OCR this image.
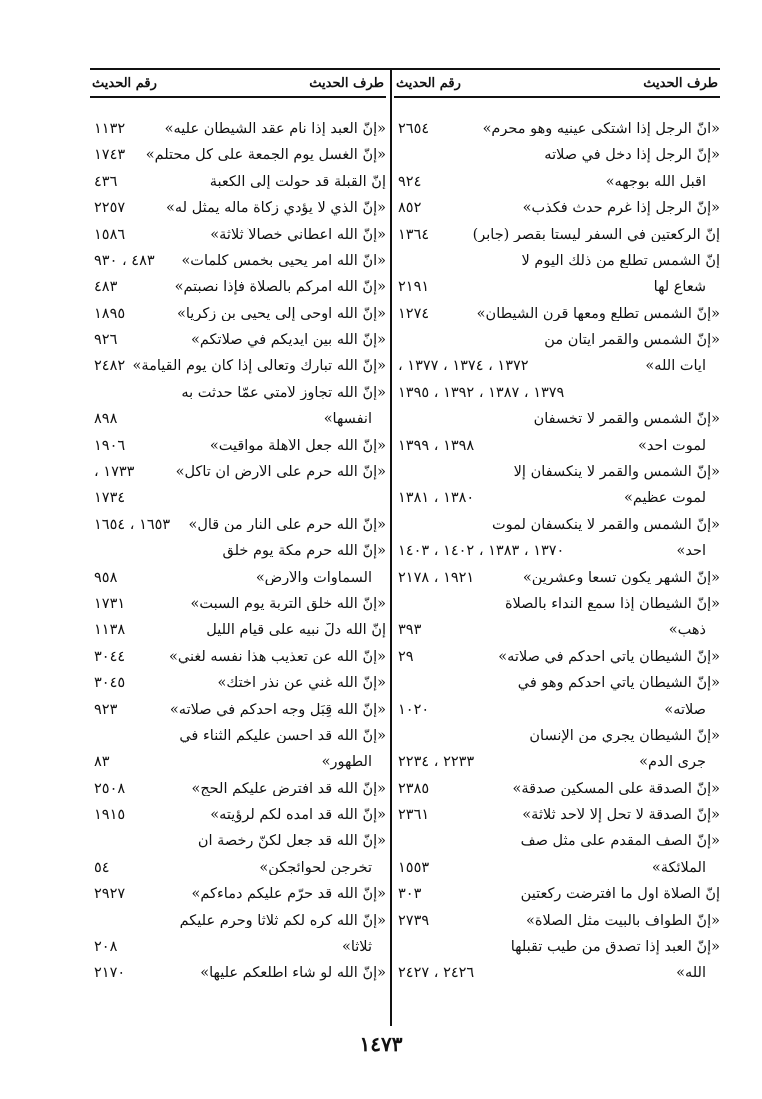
طرف الحديث
رقم الحديث
«أنّ الرجل إذا اشتكى عينيه وهو محرم»
٢٦٥٤
«إنّ الرجل إذا دخل في صلاته
أقبل الله بوجهه»
٩٢٤
«إنّ الرجل إذا غرم حدث فكذب»
٨٥٢
إنّ الركعتين في السفر ليستا بقصر (جابر)
١٣٦٤
إنّ الشمس تطلع من ذلك اليوم لا
شعاع لها
٢١٩١
«إنّ الشمس تطلع ومعها قرن الشيطان»
١٢٧٤
«إنّ الشمس والقمر آيتان من
آيات الله»
١٣٧٢ ، ١٣٧٤ ، ١٣٧٧ ،
١٣٧٩ ، ١٣٨٧ ، ١٣٩٢ ، ١٣٩٥
«إنّ الشمس والقمر لا تخسفان
لموت أحد»
١٣٩٨ ، ١٣٩٩
«إنّ الشمس والقمر لا ينكسفان إلا
لموت عظيم»
١٣٨٠ ، ١٣٨١
«إنّ الشمس والقمر لا ينكسفان لموت
أحد»
١٣٧٠ ، ١٣٨٣ ، ١٤٠٢ ، ١٤٠٣
«إنّ الشهر يكون تسعاً وعشرين»
١٩٢١ ، ٢١٧٨
«إنّ الشيطان إذا سمع النداء بالصلاة
ذهب»
٣٩٣
«إنّ الشيطان يأتي أحدكم في صلاته»
٢٩
«إنّ الشيطان يأتي أحدكم وهو في
صلاته»
١٠٢٠
«إنّ الشيطان يجري من الإنسان
جرى الدم»
٢٢٣٣ ، ٢٢٣٤
«إنّ الصدقة على المسكين صدقة»
٢٣٨٥
«إنّ الصدقة لا تحل إلا لأحد ثلاثة»
٢٣٦١
«إنّ الصف المقدم على مثل صف
الملائكة»
١٥٥٣
إنّ الصلاة أول ما افترضت ركعتين
٣٠٣
«إنّ الطواف بالبيت مثل الصلاة»
٢٧٣٩
«إنّ العبد إذا تصدق من طيب تقبلها
الله»
٢٤٢٦ ، ٢٤٢٧
طرف الحديث
رقم الحديث
«إنّ العبد إذا نام عقد الشيطان عليه»
١١٣٢
«إنّ الغسل يوم الجمعة على كل محتلم»
١٧٤٣
إنّ القبلة قد حولت إلى الكعبة
٤٣٦
«إنّ الذي لا يؤدي زكاة ماله يمثل له»
٢٢٥٧
«إنّ الله أعطاني خصالاً ثلاثة»
١٥٨٦
«أنّ الله أمر يحيى بخمس كلمات»
٤٨٣ ، ٩٣٠
«إنّ الله أمركم بالصلاة فإذا نصبتم»
٤٨٣
«إنّ الله أوحى إلى يحيى بن زكريا»
١٨٩٥
«إنّ الله بين أيديكم في صلاتكم»
٩٢٦
«إنّ الله تبارك وتعالى إذا كان يوم القيامة»
٢٤٨٢
«إنّ الله تجاوز لأمتي عمّا حدثت به
أنفسها»
٨٩٨
«إنّ الله جعل الأهلّة مواقيت»
١٩٠٦
«إنّ الله حرم على الأرض أن تأكل»
١٧٣٣ ،
١٧٣٤
«إنّ الله حرم على النار من قال»
١٦٥٣ ، ١٦٥٤
«إنّ الله حرم مكة يوم خلق
السماوات والأرض»
٩٥٨
«إنّ الله خلق التربة يوم السبت»
١٧٣١
إنّ الله دلّ نبيه على قيام الليل
١١٣٨
«إنّ الله عن تعذيب هذا نفسه لغني»
٣٠٤٤
«إنّ الله غني عن نذر أختك»
٣٠٤٥
«إنّ الله قِبَل وجه أحدكم في صلاته»
٩٢٣
«إنّ الله قد أحسن عليكم الثناء في
الطهور»
٨٣
«إنّ الله قد افترض عليكم الحج»
٢٥٠٨
«إنّ الله قد أمده لكم لرؤيته»
١٩١٥
«إنّ الله قد جعل لكنّ رخصة أن
تخرجن لحوائجكن»
٥٤
«إنّ الله قد حرّم عليكم دماءكم»
٢٩٢٧
«إنّ الله كره لكم ثلاثاً وحرم عليكم
ثلاثاً»
٢٠٨
«إنّ الله لو شاء أطلعكم عليها»
٢١٧٠
١٤٧٣
